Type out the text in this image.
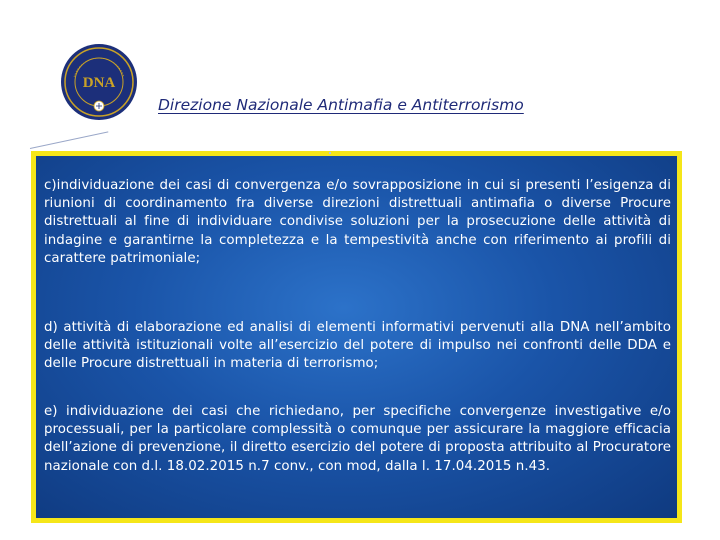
DNA
Direzione Nazionale Antimafia e Antiterrorismo
c)individuazione dei casi di convergenza e/o sovrapposizione in cui si presenti l’esigenza di riunioni di coordinamento fra diverse direzioni distrettuali antimafia o diverse Procure distrettuali al fine di individuare condivise soluzioni per la prosecuzione delle attività di indagine e garantirne la completezza e la tempestività anche con riferimento ai profili di carattere patrimoniale;
d) attività di elaborazione ed analisi di elementi informativi pervenuti alla DNA nell’ambito delle attività istituzionali volte all’esercizio del potere di impulso nei confronti delle DDA e delle Procure distrettuali in materia di terrorismo;
e) individuazione dei casi che richiedano, per specifiche convergenze investigative e/o processuali, per la particolare complessità o comunque per assicurare la maggiore efficacia dell’azione di prevenzione, il diretto esercizio del potere di proposta attribuito al Procuratore nazionale con d.l. 18.02.2015 n.7 conv., con mod, dalla l. 17.04.2015 n.43.
